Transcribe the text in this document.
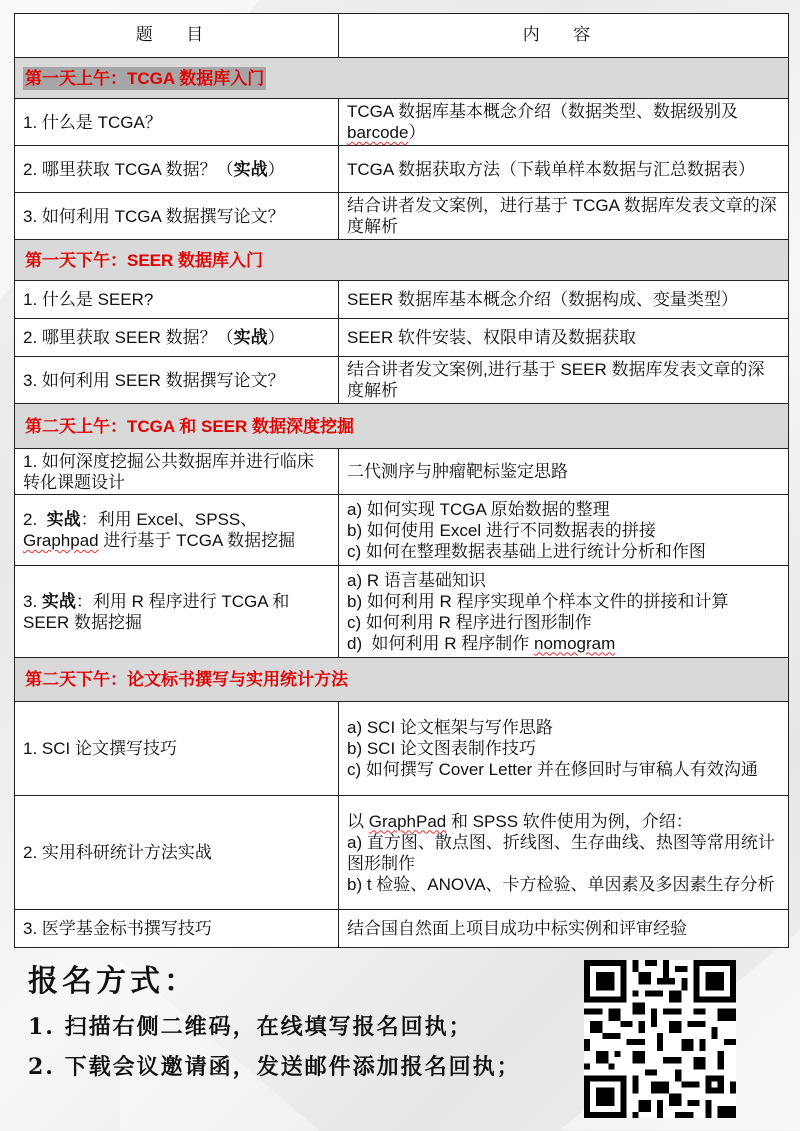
题 目	内 容
第一天上午：TCGA 数据库入门	
1. 什么是 TCGA？	TCGA 数据库基本概念介绍（数据类型、数据级别及barcode）
2. 哪里获取 TCGA 数据？（实战）	TCGA 数据获取方法（下载单样本数据与汇总数据表）
3. 如何利用 TCGA 数据撰写论文？	结合讲者发文案例，进行基于 TCGA 数据库发表文章的深度解析
第一天下午：SEER 数据库入门	
1. 什么是 SEER?	SEER 数据库基本概念介绍（数据构成、变量类型）
2. 哪里获取 SEER 数据？（实战）	SEER 软件安装、权限申请及数据获取
3. 如何利用 SEER 数据撰写论文？	结合讲者发文案例,进行基于 SEER 数据库发表文章的深度解析
第二天上午：TCGA 和 SEER 数据深度挖掘	
1. 如何深度挖掘公共数据库并进行临床转化课题设计	二代测序与肿瘤靶标鉴定思路
2.  实战：利用 Excel、SPSS、Graphpad 进行基于 TCGA 数据挖掘	a) 如何实现 TCGA 原始数据的整理
b) 如何使用 Excel 进行不同数据表的拼接
c) 如何在整理数据表基础上进行统计分析和作图

3. 实战：利用 R 程序进行 TCGA 和 SEER 数据挖掘	a) R 语言基础知识
b) 如何利用 R 程序实现单个样本文件的拼接和计算
c) 如何利用 R 程序进行图形制作
d)  如何利用 R 程序制作 nomogram

第二天下午：论文标书撰写与实用统计方法	
1. SCI 论文撰写技巧	a) SCI 论文框架与写作思路
b) SCI 论文图表制作技巧
c) 如何撰写 Cover Letter 并在修回时与审稿人有效沟通

2. 实用科研统计方法实战	以 GraphPad 和 SPSS 软件使用为例，介绍：
a) 直方图、散点图、折线图、生存曲线、热图等常用统计图形制作
b) t 检验、ANOVA、卡方检验、单因素及多因素生存分析

3. 医学基金标书撰写技巧	结合国自然面上项目成功中标实例和评审经验
报名方式：
1. 扫描右侧二维码，在线填写报名回执；
2. 下载会议邀请函，发送邮件添加报名回执；
